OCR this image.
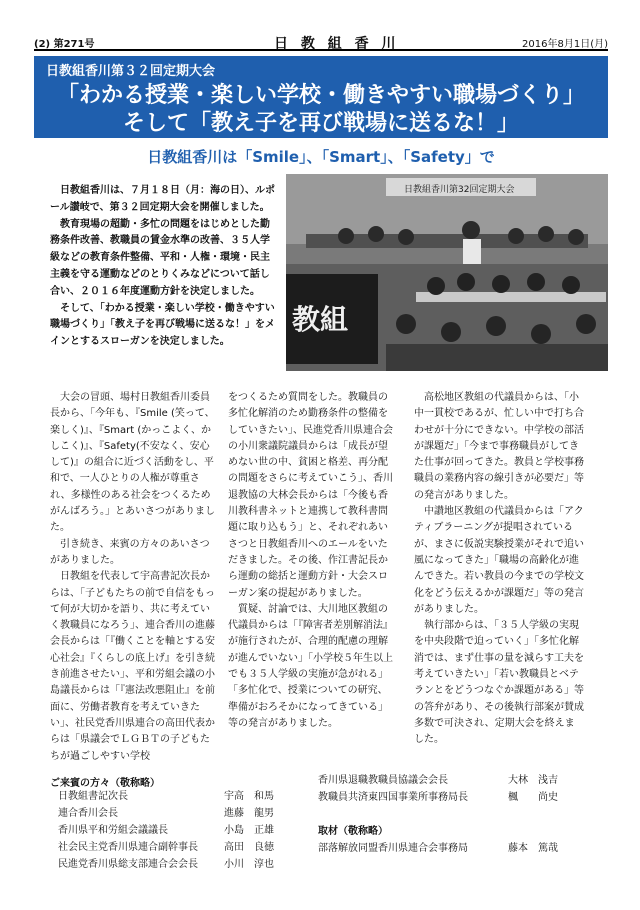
(2) 第271号	日 教 組 香 川	2016年8月1日(月)
日教組香川第３２回定期大会
「わかる授業・楽しい学校・働きやすい職場づくり」
そして「教え子を再び戦場に送るな！」
日教組香川は「Smile」、「Smart」、「Safety」で

日教組香川は、７月１８日（月：海の日）、ルポール讃岐で、第３２回定期大会を開催しました。

教育現場の超勤・多忙の問題をはじめとした勤務条件改善、教職員の賃金水準の改善、３５人学級などの教育条件整備、平和・人権・環境・民主主義を守る運動などのとりくみなどについて話し合い、２０１６年度運動方針を決定しました。

そして、「わかる授業・楽しい学校・働きやすい職場づくり」「教え子を再び戦場に送るな！」をメインとするスローガンを決定しました。

日教組香川第32回定期大会
教組

大会の冒頭、場村日教組香川委員長から、「今年も、『Smile (笑って、楽しく)』、『Smart (かっこよく、かしこく)』、『Safety(不安なく、安心して)』の組合に近づく活動をし、平和で、一人ひとりの人権が尊重され、多様性のある社会をつくるためがんばろう。」とあいさつがありました。

引き続き、来賓の方々のあいさつがありました。

日教組を代表して宇高書記次長からは、「子どもたちの前で自信をもって何が大切かを語り、共に考えていく教職員になろう」、連合香川の進藤会長からは「『働くことを軸とする安心社会』『くらしの底上げ』を引き続き前進させたい」、平和労組会議の小島議長からは「『憲法改悪阻止』を前面に、労働者教育を考えていきたい」、社民党香川県連合の高田代表からは「県議会でＬＧＢＴの子どもたちが過ごしやすい学校

をつくるため質問をした。教職員の多忙化解消のため勤務条件の整備をしていきたい」、民進党香川県連合会の小川衆議院議員からは「成長が望めない世の中、貧困と格差、再分配の問題をさらに考えていこう」、香川退教協の大林会長からは「今後も香川教科書ネットと連携して教科書問題に取り込もう」と、それぞれあいさつと日教組香川へのエールをいただきました。その後、作江書記長から運動の総括と運動方針・大会スローガン案の提起がありました。

質疑、討論では、大川地区教組の代議員からは「『障害者差別解消法』が施行されたが、合理的配慮の理解が進んでいない」「小学校５年生以上でも３５人学級の実施が急がれる」「多忙化で、授業についての研究、準備がおろそかになってきている」等の発言がありました。

高松地区教組の代議員からは、「小中一貫校であるが、忙しい中で打ち合わせが十分にできない。中学校の部活が課題だ」「今まで事務職員がしてきた仕事が回ってきた。教員と学校事務職員の業務内容の線引きが必要だ」等の発言がありました。

中讃地区教組の代議員からは「アクティブラーニングが提唱されているが、まさに仮説実験授業がそれで追い風になってきた」「職場の高齢化が進んできた。若い教員の今までの学校文化をどう伝えるかが課題だ」等の発言がありました。

執行部からは、「３５人学級の実現を中央段階で迫っていく」「多忙化解消では、まず仕事の量を減らす工夫を考えていきたい」「若い教職員とベテランとをどうつなぐか課題がある」等の答弁があり、その後執行部案が賛成多数で可決され、定期大会を終えました。

ご来賓の方々（敬称略）
日教組書記次長	宇高　和馬
連合香川会長	進藤　龍男
香川県平和労組会議議長	小島　正雄
社会民主党香川県連合副幹事長	高田　良徳
民進党香川県総支部連合会会長	小川　淳也
香川県退職教職員協議会会長	大林　浅吉
教職員共済東四国事業所事務局長	楓　　尚史
取材（敬称略）
部落解放同盟香川県連合会事務局	藤本　篤哉
